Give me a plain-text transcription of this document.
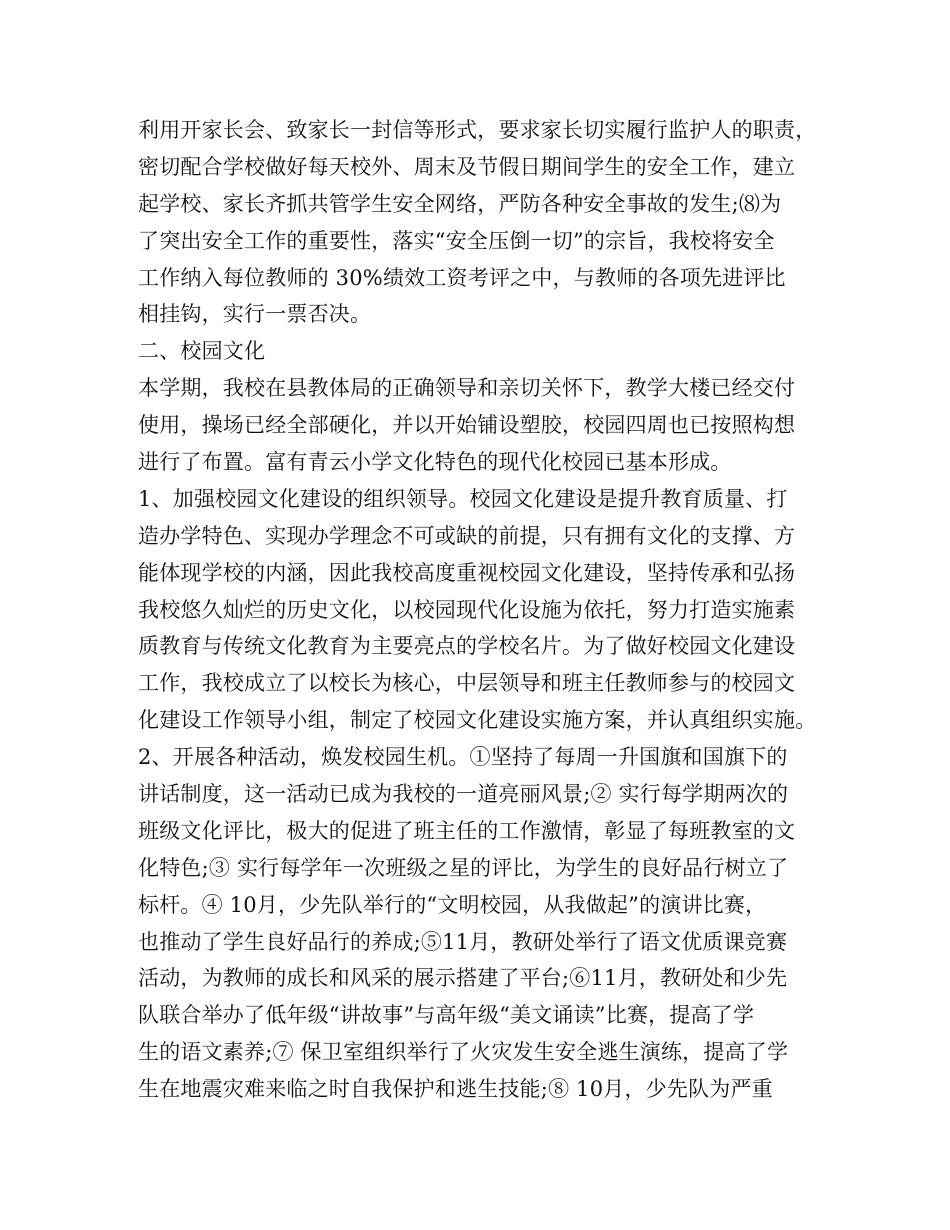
利用开家长会、致家长一封信等形式，要求家长切实履行监护人的职责，
密切配合学校做好每天校外、周末及节假日期间学生的安全工作，建立
起学校、家长齐抓共管学生安全网络，严防各种安全事故的发生;⑻为
了突出安全工作的重要性，落实“安全压倒一切”的宗旨，我校将安全
工作纳入每位教师的 30%绩效工资考评之中，与教师的各项先进评比
相挂钩，实行一票否决。
二、校园文化
本学期，我校在县教体局的正确领导和亲切关怀下，教学大楼已经交付
使用，操场已经全部硬化，并以开始铺设塑胶，校园四周也已按照构想
进行了布置。富有青云小学文化特色的现代化校园已基本形成。
1、加强校园文化建设的组织领导。校园文化建设是提升教育质量、打
造办学特色、实现办学理念不可或缺的前提，只有拥有文化的支撑、方
能体现学校的内涵，因此我校高度重视校园文化建设，坚持传承和弘扬
我校悠久灿烂的历史文化，以校园现代化设施为依托，努力打造实施素
质教育与传统文化教育为主要亮点的学校名片。为了做好校园文化建设
工作，我校成立了以校长为核心，中层领导和班主任教师参与的校园文
化建设工作领导小组，制定了校园文化建设实施方案，并认真组织实施。
2、开展各种活动，焕发校园生机。①坚持了每周一升国旗和国旗下的
讲话制度，这一活动已成为我校的一道亮丽风景;② 实行每学期两次的
班级文化评比，极大的促进了班主任的工作激情，彰显了每班教室的文
化特色;③ 实行每学年一次班级之星的评比，为学生的良好品行树立了
标杆。④ 10月，少先队举行的“文明校园，从我做起”的演讲比赛，
也推动了学生良好品行的养成;⑤11月，教研处举行了语文优质课竞赛
活动，为教师的成长和风采的展示搭建了平台;⑥11月，教研处和少先
队联合举办了低年级“讲故事”与高年级“美文诵读”比赛，提高了学
生的语文素养;⑦ 保卫室组织举行了火灾发生安全逃生演练，提高了学
生在地震灾难来临之时自我保护和逃生技能;⑧ 10月，少先队为严重
